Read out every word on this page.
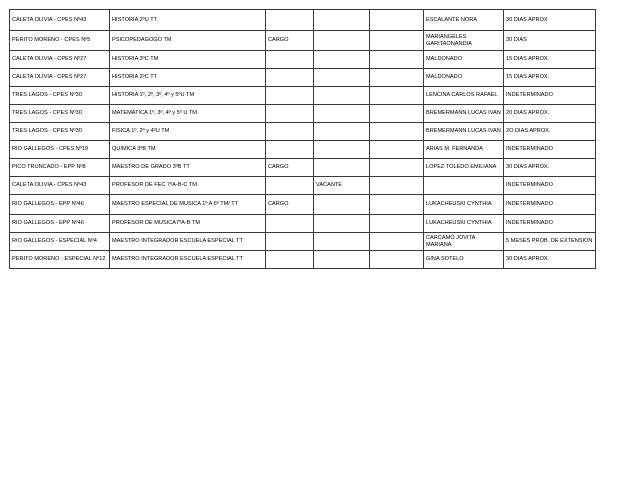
CALETA OLIVIA - CPES Nº43	HISTORIA 2ºU TT				ESCALANTE NORA	30 DIAS APROX
PERITO MORENO - CPES Nº5	PSICOPEDAGOGO TM	CARGO			MARIANGELES GARITAONANDIA	30 DIAS
CALETA OLIVIA - CPES Nº27	HISTORIA 3ºC TM				MALDONADO	15 DIAS APROX.
CALETA OLIVIA - CPES Nº27	HISTORIA 2ºC TT				MALDONADO	15 DIAS APROX.
TRES LAGOS - CPES Nº30	HISTORIA 1º, 2º, 3º, 4º y 5ºU TM				LENCINA CARLOS RAFAEL	INDETERMINADO
TRES LAGOS - CPES Nº30	MATEMATICA 1º, 3º, 4º y 5º U TM				BREMERMANN LUCAS IVAN	20 DIAS APROX.
TRES LAGOS - CPES Nº30	FISICA 1º, 2º y 4ºU TM				BREMERMANN LUCAS IVAN	2O DIAS APROX.
RIO GALLEGOS - CPES Nº19	QUIMICA 3ºB TM				ARIAS M. FERNANDA	INDETERMINADO
PICO TRUNCADO - EPP Nº8	MAESTRO DE GRADO 3ºB TT	CARGO			LOPEZ TOLEDO EMILIANA	30 DIAS APROX.
CALETA OLIVIA - CPES Nº43	PROFESOR DE FEC 7ºA-B-C TM		VACANTE			INDETERMINADO
RIO GALLEGOS - EPP Nº46	MAESTRO ESPECIAL DE MUSICA 1º A 6º TM/ TT	CARGO			LUKACHEUSKI CYNTHIA	INDETERMINADO
RIO GALLEGOS - EPP Nº46	PROFESOR DE MUSICA7ºA-B TM				LUKACHEUSKI CYNTHIA	INDETERMINADO
RIO GALLEGOS - ESPECIAL Nº4	MAESTRO INTEGRADOR ESCUELA ESPECIAL TT				CARCAMO JOVITA MARIANA	5 MESES PROB. DE EXTENSION
PERITO MORENO - ESPECIAL Nº12	MAESTRO INTEGRADOR ESCUELA ESPECIAL TT				GINA SOTELO	30 DIAS APROX.
